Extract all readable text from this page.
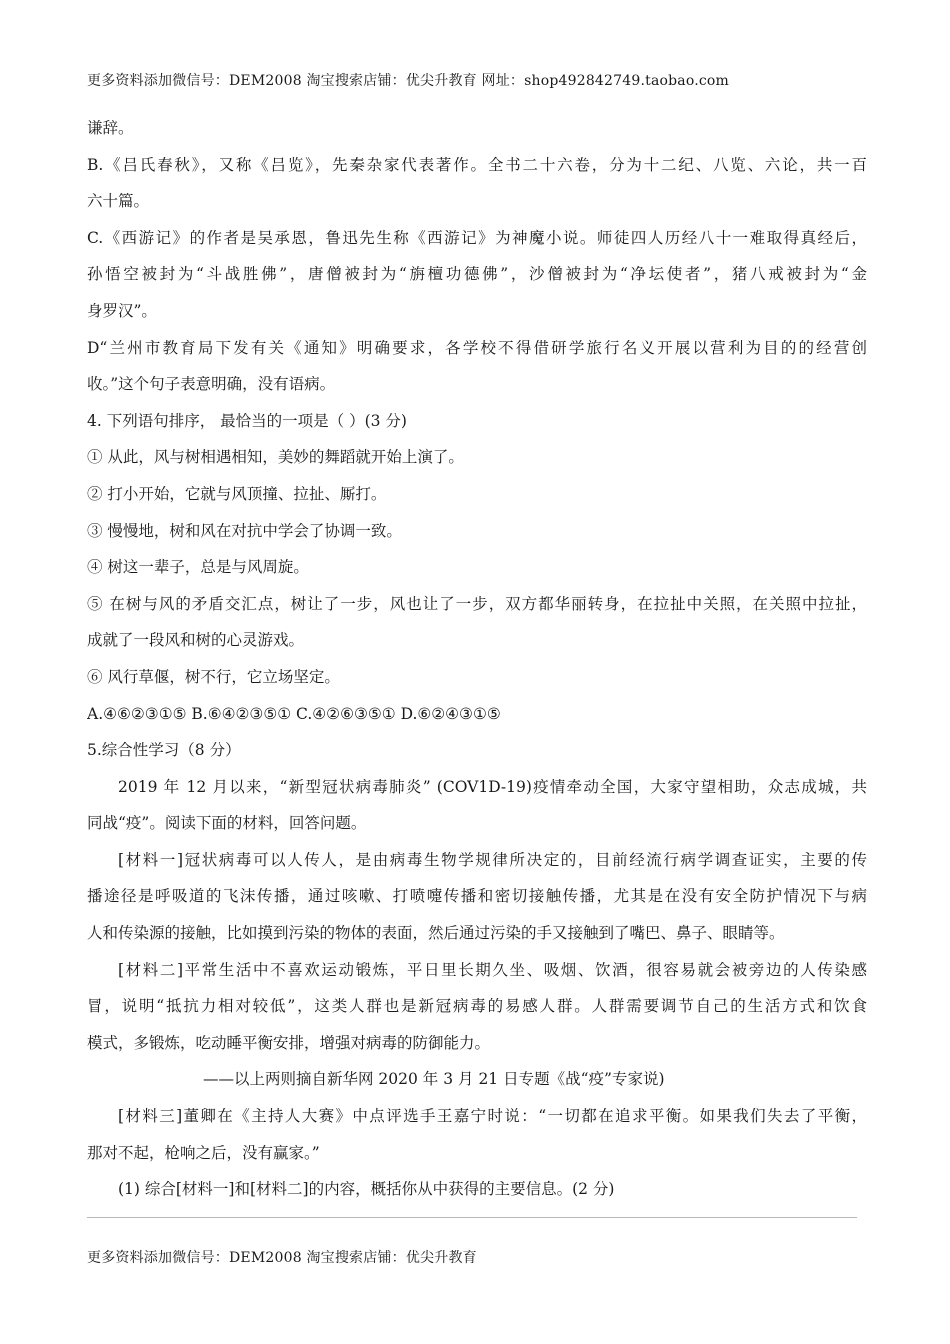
更多资料添加微信号：DEM2008 淘宝搜索店铺：优尖升教育 网址：shop492842749.taobao.com
谦辞。
B.《吕氏春秋》，又称《吕览》，先秦杂家代表著作。全书二十六卷，分为十二纪、八览、六论，共一百
六十篇。
C.《西游记》的作者是吴承恩，鲁迅先生称《西游记》为神魔小说。师徒四人历经八十一难取得真经后，
孙悟空被封为“斗战胜佛”，唐僧被封为“旃檀功德佛”，沙僧被封为“净坛使者”，猪八戒被封为“金
身罗汉”。
D“兰州市教育局下发有关《通知》明确要求，各学校不得借研学旅行名义开展以营利为目的的经营创
收。”这个句子表意明确，没有语病。
4. 下列语句排序， 最恰当的一项是（ ）(3 分)
① 从此，风与树相遇相知，美妙的舞蹈就开始上演了。
② 打小开始，它就与风顶撞、拉扯、厮打。
③ 慢慢地，树和风在对抗中学会了协调一致。
④ 树这一辈子，总是与风周旋。
⑤ 在树与风的矛盾交汇点，树让了一步，风也让了一步，双方都华丽转身，在拉扯中关照，在关照中拉扯，
成就了一段风和树的心灵游戏。
⑥ 风行草偃，树不行，它立场坚定。
A.④⑥②③①⑤ B.⑥④②③⑤① C.④②⑥③⑤① D.⑥②④③①⑤
5.综合性学习（8 分）
2019 年 12 月以来，“新型冠状病毒肺炎” (COV1D-19)疫情牵动全国，大家守望相助，众志成城，共
同战“疫”。阅读下面的材料，回答问题。
[材料一]冠状病毒可以人传人，是由病毒生物学规律所决定的，目前经流行病学调查证实，主要的传
播途径是呼吸道的飞沫传播，通过咳嗽、打喷嚏传播和密切接触传播，尤其是在没有安全防护情况下与病
人和传染源的接触，比如摸到污染的物体的表面，然后通过污染的手又接触到了嘴巴、鼻子、眼睛等。
[材料二]平常生活中不喜欢运动锻炼，平日里长期久坐、吸烟、饮酒，很容易就会被旁边的人传染感
冒，说明“抵抗力相对较低”，这类人群也是新冠病毒的易感人群。人群需要调节自己的生活方式和饮食
模式，多锻炼，吃动睡平衡安排，增强对病毒的防御能力。
——以上两则摘自新华网 2020 年 3 月 21 日专题《战“疫”专家说)
[材料三]董卿在《主持人大赛》中点评选手王嘉宁时说：“一切都在追求平衡。如果我们失去了平衡，
那对不起，枪响之后，没有赢家。”
(1) 综合[材料一]和[材料二]的内容，概括你从中获得的主要信息。(2 分)
更多资料添加微信号：DEM2008 淘宝搜索店铺：优尖升教育
